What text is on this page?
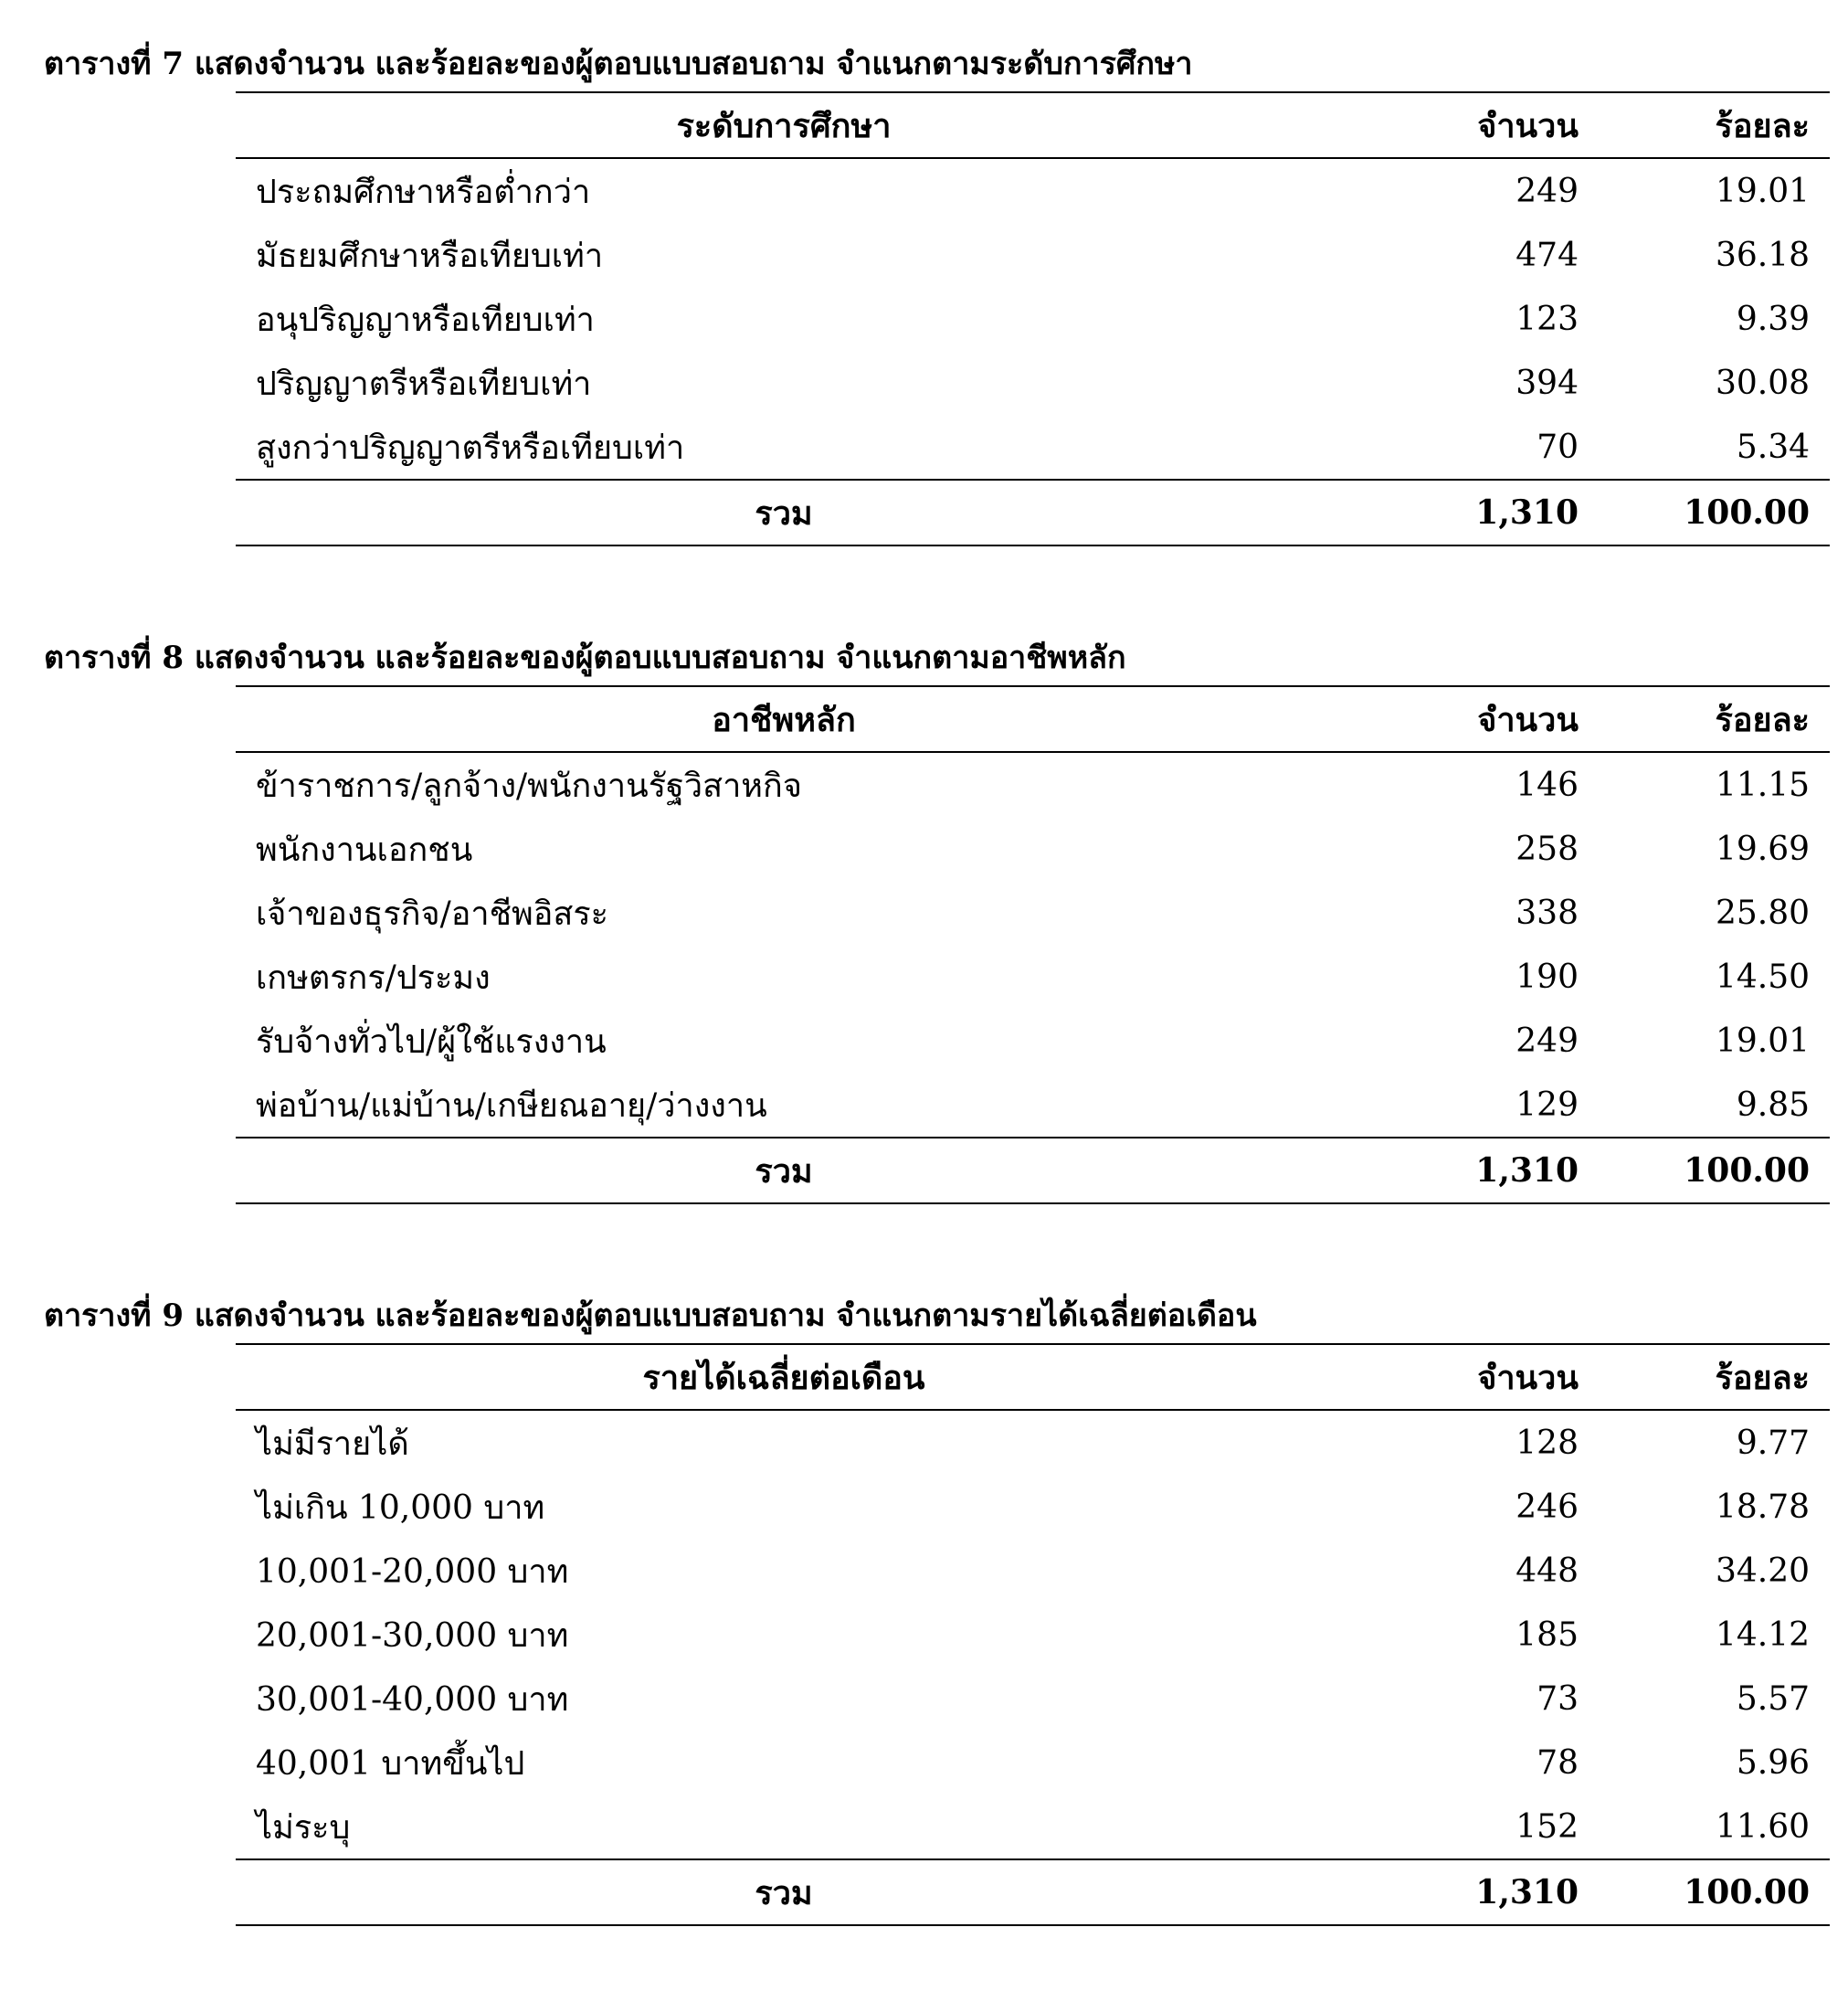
ตารางที่ 7 แสดงจำนวน และร้อยละของผู้ตอบแบบสอบถาม จำแนกตามระดับการศึกษา
ระดับการศึกษา	จำนวน	ร้อยละ
ประถมศึกษาหรือต่ำกว่า	249	19.01
มัธยมศึกษาหรือเทียบเท่า	474	36.18
อนุปริญญาหรือเทียบเท่า	123	9.39
ปริญญาตรีหรือเทียบเท่า	394	30.08
สูงกว่าปริญญาตรีหรือเทียบเท่า	70	5.34
รวม	1,310	100.00
ตารางที่ 8 แสดงจำนวน และร้อยละของผู้ตอบแบบสอบถาม จำแนกตามอาชีพหลัก
อาชีพหลัก	จำนวน	ร้อยละ
ข้าราชการ/ลูกจ้าง/พนักงานรัฐวิสาหกิจ	146	11.15
พนักงานเอกชน	258	19.69
เจ้าของธุรกิจ/อาชีพอิสระ	338	25.80
เกษตรกร/ประมง	190	14.50
รับจ้างทั่วไป/ผู้ใช้แรงงาน	249	19.01
พ่อบ้าน/แม่บ้าน/เกษียณอายุ/ว่างงาน	129	9.85
รวม	1,310	100.00
ตารางที่ 9 แสดงจำนวน และร้อยละของผู้ตอบแบบสอบถาม จำแนกตามรายได้เฉลี่ยต่อเดือน
รายได้เฉลี่ยต่อเดือน	จำนวน	ร้อยละ
ไม่มีรายได้	128	9.77
ไม่เกิน 10,000 บาท	246	18.78
10,001-20,000 บาท	448	34.20
20,001-30,000 บาท	185	14.12
30,001-40,000 บาท	73	5.57
40,001 บาทขึ้นไป	78	5.96
ไม่ระบุ	152	11.60
รวม	1,310	100.00
